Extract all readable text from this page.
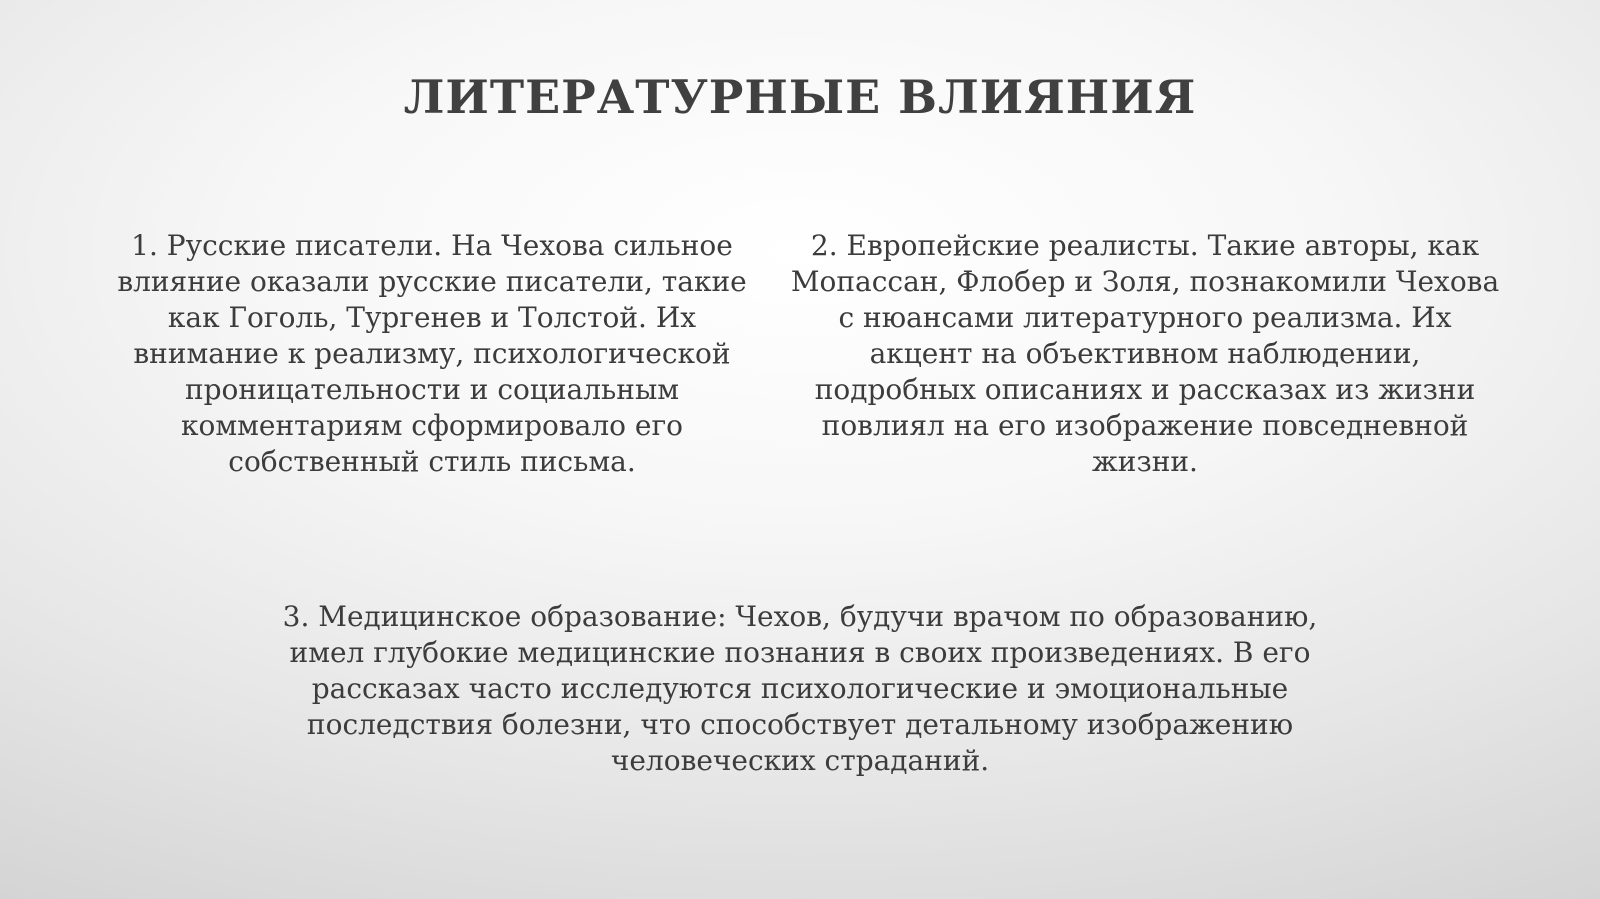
ЛИТЕРАТУРНЫЕ ВЛИЯНИЯ

1. Русские писатели. На Чехова сильное влияние оказали русские писатели, такие как Гоголь, Тургенев и Толстой. Их внимание к реализму, психологической проницательности и социальным комментариям сформировало его собственный стиль письма.

2. Европейские реалисты. Такие авторы, как Мопассан, Флобер и Золя, познакомили Чехова с нюансами литературного реализма. Их акцент на объективном наблюдении, подробных описаниях и рассказах из жизни повлиял на его изображение повседневной жизни.

3. Медицинское образование: Чехов, будучи врачом по образованию, имел глубокие медицинские познания в своих произведениях. В его рассказах часто исследуются психологические и эмоциональные последствия болезни, что способствует детальному изображению человеческих страданий.
